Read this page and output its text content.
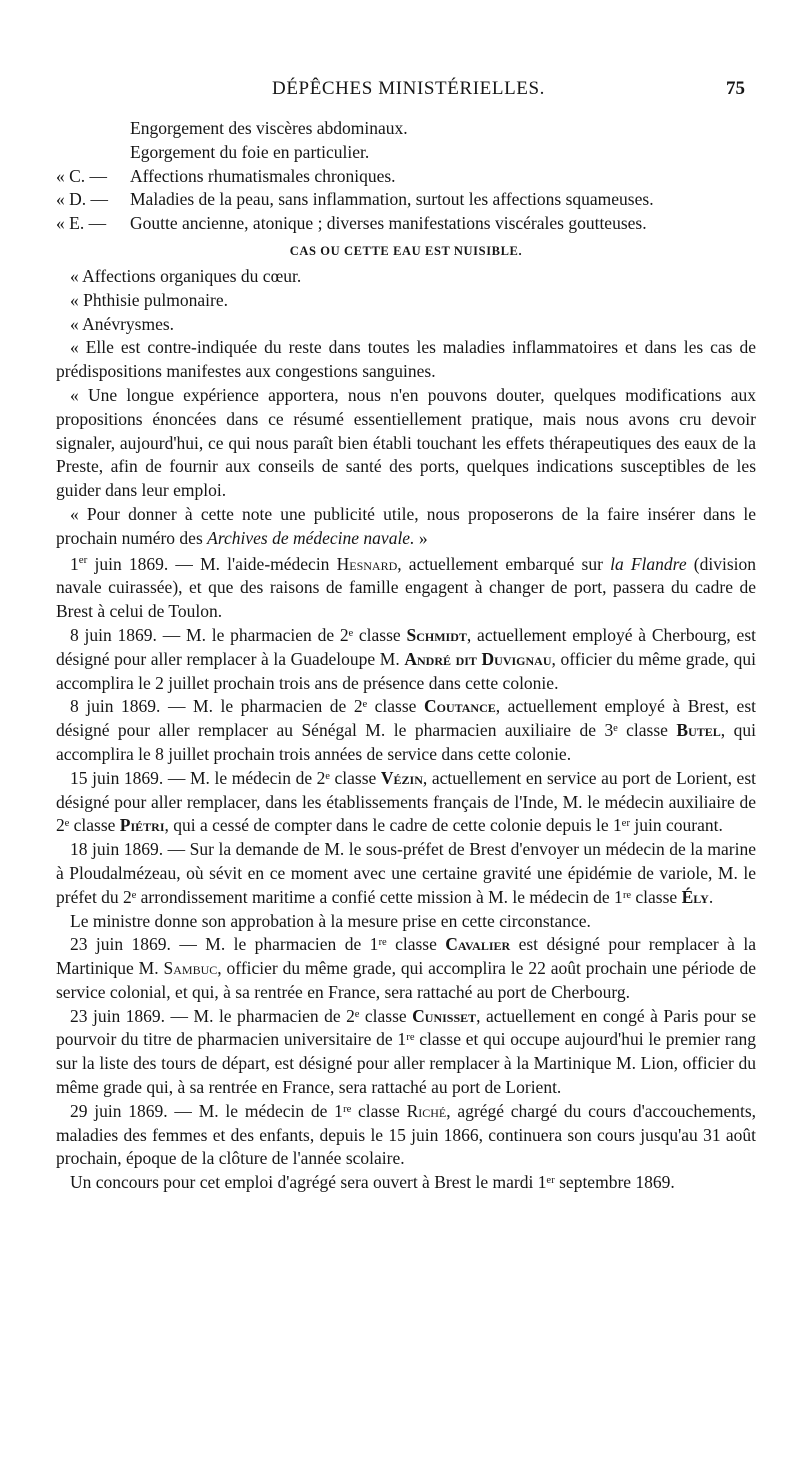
DÉPÊCHES MINISTÉRIELLES.	75

Engorgement des viscères abdominaux.

Egorgement du foie en particulier.

« C. — Affections rhumatismales chroniques.

« D. — Maladies de la peau, sans inflammation, surtout les affections squameuses.

« E. — Goutte ancienne, atonique ; diverses manifestations viscérales goutteuses.

CAS OU CETTE EAU EST NUISIBLE.

« Affections organiques du cœur.

« Phthisie pulmonaire.

« Anévrysmes.

« Elle est contre-indiquée du reste dans toutes les maladies inflammatoires et dans les cas de prédispositions manifestes aux congestions sanguines.

« Une longue expérience apportera, nous n'en pouvons douter, quelques modifications aux propositions énoncées dans ce résumé essentiellement pratique, mais nous avons cru devoir signaler, aujourd'hui, ce qui nous paraît bien établi touchant les effets thérapeutiques des eaux de la Preste, afin de fournir aux conseils de santé des ports, quelques indications susceptibles de les guider dans leur emploi.

« Pour donner à cette note une publicité utile, nous proposerons de la faire insérer dans le prochain numéro des Archives de médecine navale. »

1er juin 1869. — M. l'aide-médecin Hesnard, actuellement embarqué sur la Flandre (division navale cuirassée), et que des raisons de famille engagent à changer de port, passera du cadre de Brest à celui de Toulon.

8 juin 1869. — M. le pharmacien de 2ᵉ classe Schmidt, actuellement employé à Cherbourg, est désigné pour aller remplacer à la Guadeloupe M. André dit Duvignau, officier du même grade, qui accomplira le 2 juillet prochain trois ans de présence dans cette colonie.

8 juin 1869. — M. le pharmacien de 2ᵉ classe Coutance, actuellement employé à Brest, est désigné pour aller remplacer au Sénégal M. le pharmacien auxiliaire de 3ᵉ classe Butel, qui accomplira le 8 juillet prochain trois années de service dans cette colonie.

15 juin 1869. — M. le médecin de 2ᵉ classe Vézin, actuellement en service au port de Lorient, est désigné pour aller remplacer, dans les établissements français de l'Inde, M. le médecin auxiliaire de 2ᵉ classe Piétri, qui a cessé de compter dans le cadre de cette colonie depuis le 1ᵉʳ juin courant.

18 juin 1869. — Sur la demande de M. le sous-préfet de Brest d'envoyer un médecin de la marine à Ploudalmézeau, où sévit en ce moment avec une certaine gravité une épidémie de variole, M. le préfet du 2ᵉ arrondissement maritime a confié cette mission à M. le médecin de 1ʳᵉ classe Ély.

Le ministre donne son approbation à la mesure prise en cette circonstance.

23 juin 1869. — M. le pharmacien de 1ʳᵉ classe Cavalier est désigné pour remplacer à la Martinique M. Sambuc, officier du même grade, qui accomplira le 22 août prochain une période de service colonial, et qui, à sa rentrée en France, sera rattaché au port de Cherbourg.

23 juin 1869. — M. le pharmacien de 2ᵉ classe Cunisset, actuellement en congé à Paris pour se pourvoir du titre de pharmacien universitaire de 1ʳᵉ classe et qui occupe aujourd'hui le premier rang sur la liste des tours de départ, est désigné pour aller remplacer à la Martinique M. Lion, officier du même grade qui, à sa rentrée en France, sera rattaché au port de Lorient.

29 juin 1869. — M. le médecin de 1ʳᵉ classe Riché, agrégé chargé du cours d'accouchements, maladies des femmes et des enfants, depuis le 15 juin 1866, continuera son cours jusqu'au 31 août prochain, époque de la clôture de l'année scolaire.

Un concours pour cet emploi d'agrégé sera ouvert à Brest le mardi 1ᵉʳ septembre 1869.
